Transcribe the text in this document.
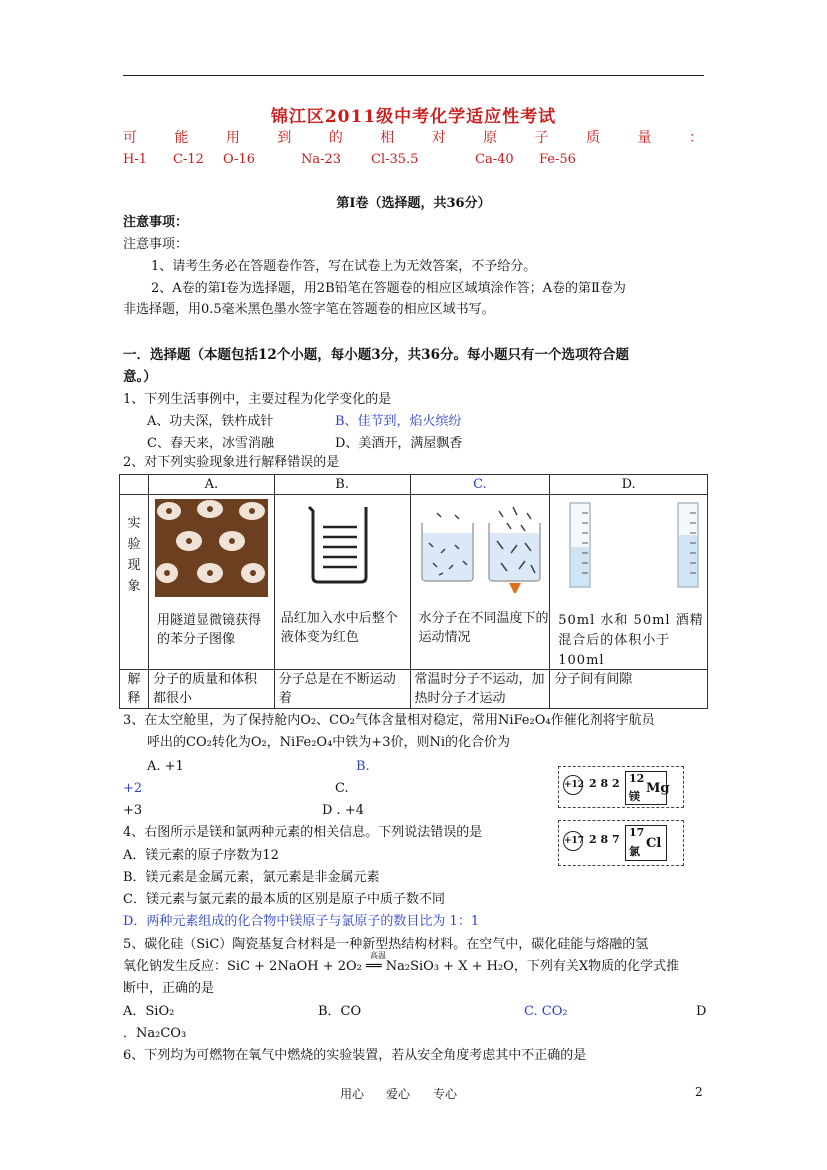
锦江区2011级中考化学适应性考试
可	能	用	到	的	相	对	原	子	质	量	：
H-1 C-12 O-16	Na-23 Cl-35.5	Ca-40 Fe-56
第Ⅰ卷（选择题，共36分）
注意事项：
注意事项：
1、请考生务必在答题卷作答，写在试卷上为无效答案，不予给分。
2、A卷的第Ⅰ卷为选择题，用2B铅笔在答题卷的相应区域填涂作答；A卷的第Ⅱ卷为
非选择题，用0.5毫米黑色墨水签字笔在答题卷的相应区域书写。
一．选择题（本题包括12个小题，每小题3分，共36分。每小题只有一个选项符合题
意。）
1、下列生活事例中，主要过程为化学变化的是
A、功夫深，铁杵成针	B、佳节到，焰火缤纷
C、春天来，冰雪消融	D、美酒开，满屋飘香
2、对下列实验现象进行解释错误的是
	A.	B.	C.	D.
实验现象	用隧道显微镜获得的苯分子图像	品红加入水中后整个液体变为红色	水分子在不同温度下的运动情况	50ml 水和 50ml 酒精混合后的体积小于100ml

解释	分子的质量和体积都很小	分子总是在不断运动着	常温时分子不运动，加热时分子才运动	分子间有间隙
3、在太空舱里，为了保持舱内O₂、CO₂气体含量相对稳定，常用NiFe₂O₄作催化剂将宇航员
呼出的CO₂转化为O₂，NiFe₂O₄中铁为+3价，则Ni的化合价为
A. +1	B.
+2	C.
+3	D . +4
+12 2 8 2 12
Mg
镁
+17 2 8 7
17
Cl
氯
4、右图所示是镁和氯两种元素的相关信息。下列说法错误的是
A．镁元素的原子序数为12
B．镁元素是金属元素，氯元素是非金属元素
C．镁元素与氯元素的最本质的区别是原子中质子数不同
D．两种元素组成的化合物中镁原子与氯原子的数目比为 1：1
5、碳化硅（SiC）陶瓷基复合材料是一种新型热结构材料。在空气中，碳化硅能与熔融的氢
高温
氧化钠发生反应：SiC + 2NaOH + 2O₂ ══ Na₂SiO₃ + X + H₂O，下列有关X物质的化学式推
断中，正确的是
A．SiO₂	B．CO	C. CO₂	D
．Na₂CO₃
6、下列均为可燃物在氧气中燃烧的实验装置，若从安全角度考虑其中不正确的是
用心 爱心 专心	2
